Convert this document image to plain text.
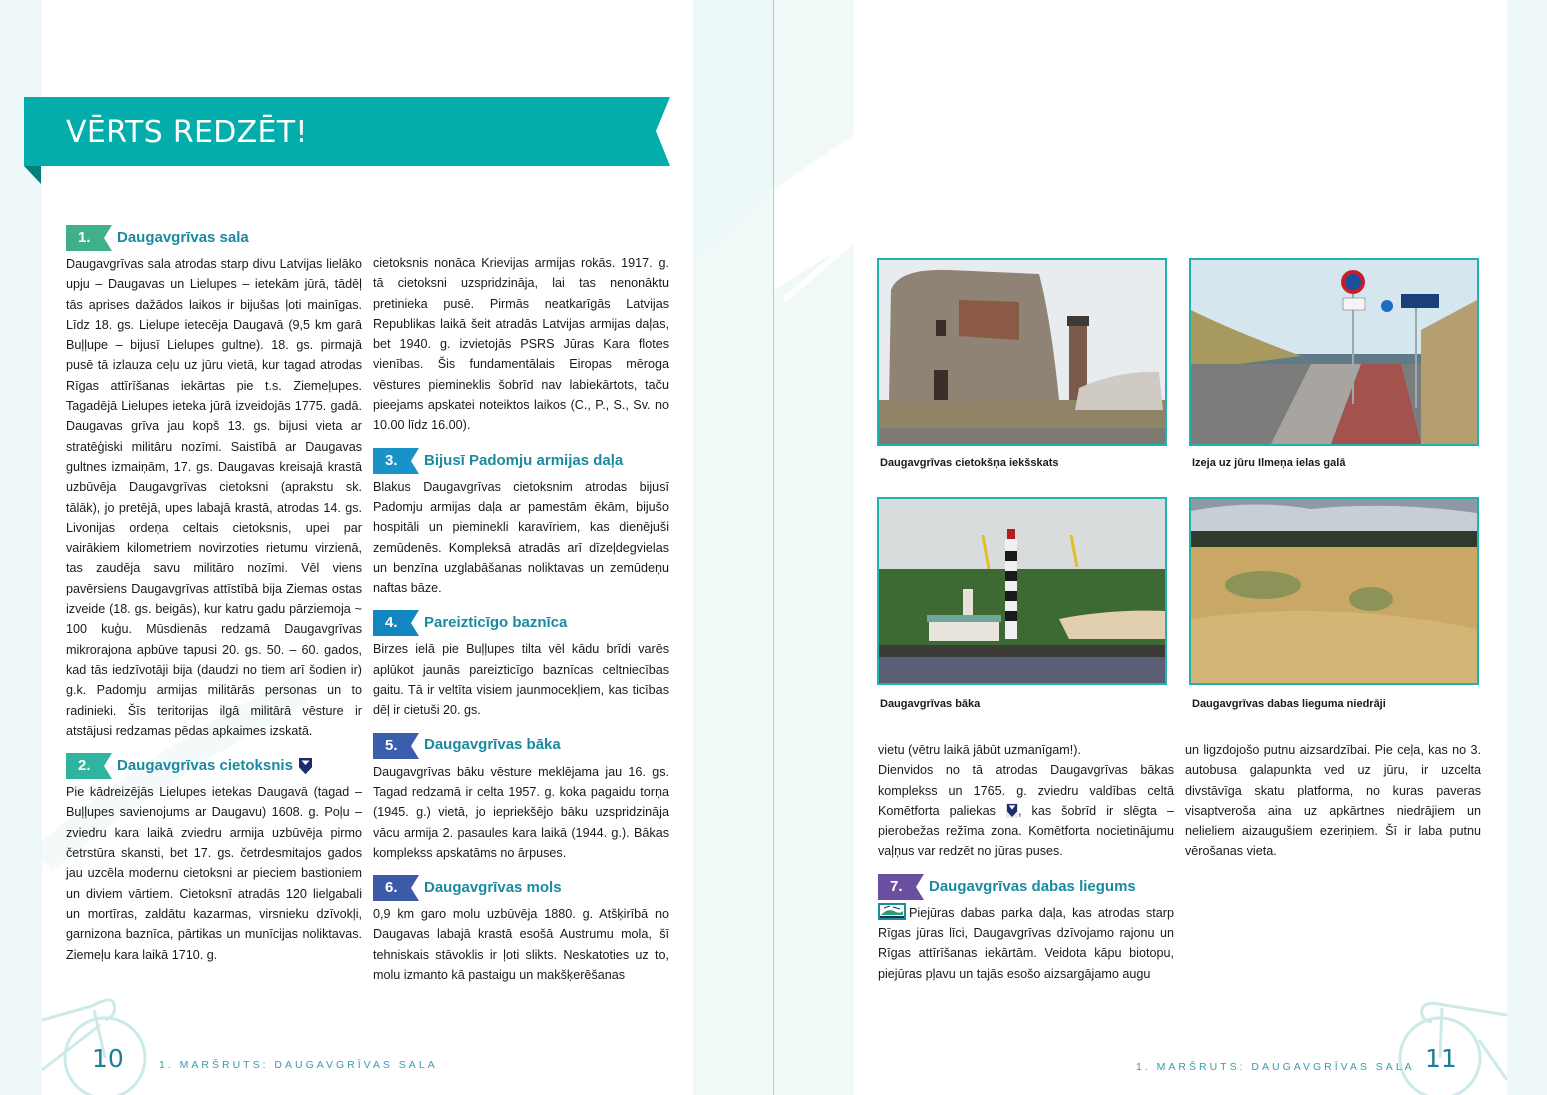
VĒRTS REDZĒT!
1.	Daugavgrīvas sala

Daugavgrīvas sala atrodas starp divu Latvijas lielāko upju – Daugavas un Lielupes – ietekām jūrā, tādēļ tās aprises dažādos laikos ir bijušas ļoti mainīgas. Līdz 18. gs. Lielupe ietecēja Daugavā (9,5 km garā Buļļupe – bijusī Lielupes gultne). 18. gs. pirmajā pusē tā izlauza ceļu uz jūru vietā, kur tagad atrodas Rīgas attīrīšanas iekārtas pie t.s. Ziemeļupes. Tagadējā Lielupes ieteka jūrā izveidojās 1775. gadā. Daugavas grīva jau kopš 13. gs. bijusi vieta ar stratēģiski militāru nozīmi. Saistībā ar Daugavas gultnes izmaiņām, 17. gs. Daugavas kreisajā krastā uzbūvēja Daugavgrīvas cietoksni (aprakstu sk. tālāk), jo pretējā, upes labajā krastā, atrodas 14. gs. Livonijas ordeņa celtais cietoksnis, upei par vairākiem kilometriem novirzoties rietumu virzienā, tas zaudēja savu militāro nozīmi. Vēl viens pavērsiens Daugavgrīvas attīstībā bija Ziemas ostas izveide (18. gs. beigās), kur katru gadu pārziemoja ~ 100 kuģu. Mūsdienās redzamā Daugavgrīvas mikrorajona apbūve tapusi 20. gs. 50. – 60. gados, kad tās iedzīvotāji bija (daudzi no tiem arī šodien ir) g.k. Padomju armijas militārās personas un to radinieki. Šīs teritorijas ilgā militārā vēsture ir atstājusi redzamas pēdas apkaimes izskatā.

2.	Daugavgrīvas cietoksnis

Pie kādreizējās Lielupes ietekas Daugavā (tagad – Buļļupes savienojums ar Daugavu) 1608. g. Poļu – zviedru kara laikā zviedru armija uzbūvēja pirmo četrstūra skansti, bet 17. gs. četrdesmitajos gados jau uzcēla modernu cietoksni ar pieciem bastioniem un diviem vārtiem. Cietoksnī atradās 120 lielgabali un mortīras, zaldātu kazarmas, virsnieku dzīvokļi, garnizona baznīca, pārtikas un munīcijas noliktavas. Ziemeļu kara laikā 1710. g.

cietoksnis nonāca Krievijas armijas rokās. 1917. g. tā cietoksni uzspridzināja, lai tas nenonāktu pretinieka pusē. Pirmās neatkarīgās Latvijas Republikas laikā šeit atradās Latvijas armijas daļas, bet 1940. g. izvietojās PSRS Jūras Kara flotes vienības. Šis fundamentālais Eiropas mēroga vēstures piemineklis šobrīd nav labiekārtots, taču pieejams apskatei noteiktos laikos (C., P., S., Sv. no 10.00 līdz 16.00).

3.	Bijusī Padomju armijas daļa

Blakus Daugavgrīvas cietoksnim atrodas bijusī Padomju armijas daļa ar pamestām ēkām, bijušo hospitāli un pieminekli karavīriem, kas dienējuši zemūdenēs. Kompleksā atradās arī dīzeļdegvielas un benzīna uzglabāšanas noliktavas un zemūdeņu naftas bāze.

4.	Pareizticīgo baznīca

Birzes ielā pie Buļļupes tilta vēl kādu brīdi varēs aplūkot jaunās pareizticīgo baznīcas celtniecības gaitu. Tā ir veltīta visiem jaunmocekļiem, kas ticības dēļ ir cietuši 20. gs.

5.	Daugavgrīvas bāka

Daugavgrīvas bāku vēsture meklējama jau 16. gs. Tagad redzamā ir celta 1957. g. koka pagaidu torņa (1945. g.) vietā, jo iepriekšējo bāku uzspridzināja vācu armija 2. pasaules kara laikā (1944. g.). Bākas komplekss apskatāms no ārpuses.

6.	Daugavgrīvas mols

0,9 km garo molu uzbūvēja 1880. g. Atšķirībā no Daugavas labajā krastā esošā Austrumu mola, šī tehniskais stāvoklis ir ļoti slikts. Neskatoties uz to, molu izmanto kā pastaigu un makšķerēšanas

Daugavgrīvas cietokšņa iekšskats	Izeja uz jūru Ilmeņa ielas galā
Daugavgrīvas bāka	Daugavgrīvas dabas lieguma niedrāji

vietu (vētru laikā jābūt uzmanīgam!).

Dienvidos no tā atrodas Daugavgrīvas bākas komplekss un 1765. g. zviedru valdības celtā Komētforta paliekas , kas šobrīd ir slēgta – pierobežas režīma zona. Komētforta nocietinājumu vaļņus var redzēt no jūras puses.

7.	Daugavgrīvas dabas liegums

Piejūras dabas parka daļa, kas atrodas starp Rīgas jūras līci, Daugavgrīvas dzīvojamo rajonu un Rīgas attīrīšanas iekārtām. Veidota kāpu biotopu, piejūras pļavu un tajās esošo aizsargājamo augu

un ligzdojošo putnu aizsardzībai. Pie ceļa, kas no 3. autobusa galapunkta ved uz jūru, ir uzcelta divstāvīga skatu platforma, no kuras paveras visaptveroša aina uz apkārtnes niedrājiem un nelieliem aizaugušiem ezeriņiem. Šī ir laba putnu vērošanas vieta.

10	1. MARŠRUTS: DAUGAVGRĪVAS SALA	1. MARŠRUTS: DAUGAVGRĪVAS SALA 11
